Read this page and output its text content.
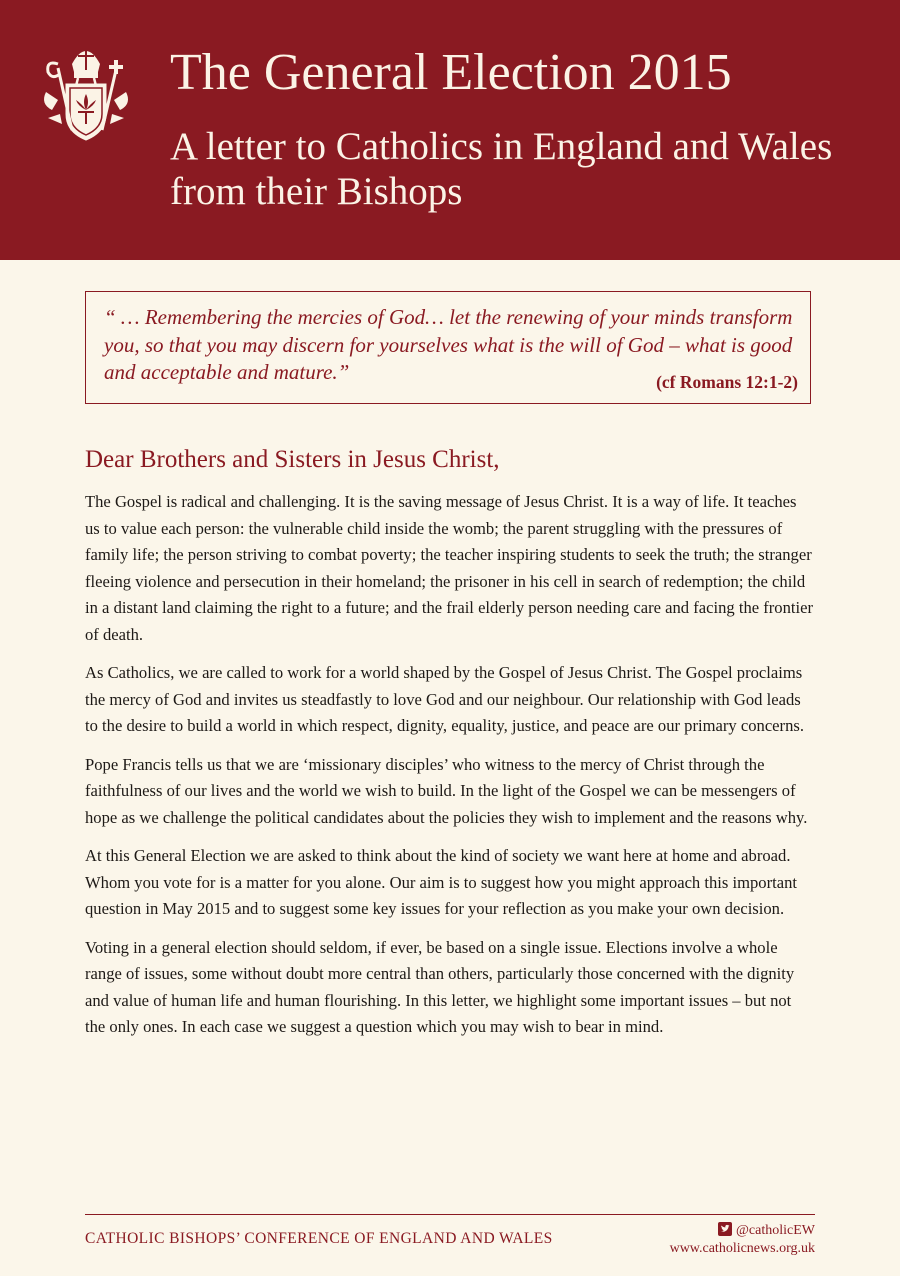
The General Election 2015
A letter to Catholics in England and Wales from their Bishops
“ … Remembering the mercies of God… let the renewing of your minds transform you, so that you may discern for yourselves what is the will of God – what is good and acceptable and mature.”	(cf Romans 12:1-2)
Dear Brothers and Sisters in Jesus Christ,

The Gospel is radical and challenging. It is the saving message of Jesus Christ. It is a way of life. It teaches us to value each person: the vulnerable child inside the womb; the parent struggling with the pressures of family life; the person striving to combat poverty; the teacher inspiring students to seek the truth; the stranger fleeing violence and persecution in their homeland; the prisoner in his cell in search of redemption; the child in a distant land claiming the right to a future; and the frail elderly person needing care and facing the frontier of death.

As Catholics, we are called to work for a world shaped by the Gospel of Jesus Christ. The Gospel proclaims the mercy of God and invites us steadfastly to love God and our neighbour. Our relationship with God leads to the desire to build a world in which respect, dignity, equality, justice, and peace are our primary concerns.

Pope Francis tells us that we are ‘missionary disciples’ who witness to the mercy of Christ through the faithfulness of our lives and the world we wish to build. In the light of the Gospel we can be messengers of hope as we challenge the political candidates about the policies they wish to implement and the reasons why.

At this General Election we are asked to think about the kind of society we want here at home and abroad. Whom you vote for is a matter for you alone. Our aim is to suggest how you might approach this important question in May 2015 and to suggest some key issues for your reflection as you make your own decision.

Voting in a general election should seldom, if ever, be based on a single issue. Elections involve a whole range of issues, some without doubt more central than others, particularly those concerned with the dignity and value of human life and human flourishing. In this letter, we highlight some important issues – but not the only ones. In each case we suggest a question which you may wish to bear in mind.

CATHOLIC BISHOPS’ CONFERENCE OF ENGLAND AND WALES	@catholicEW
www.catholicnews.org.uk
